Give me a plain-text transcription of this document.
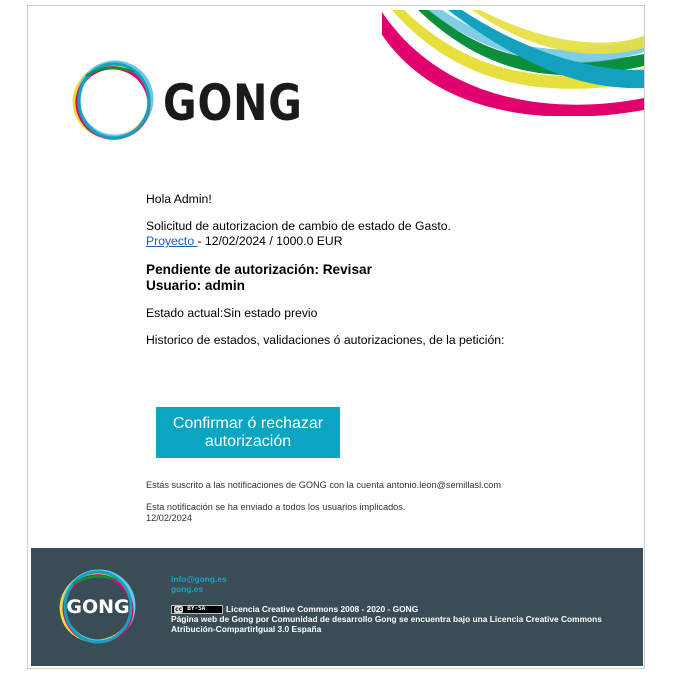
GONG

Hola Admin!

Solicitud de autorizacion de cambio de estado de Gasto.

Proyecto - 12/02/2024 / 1000.0 EUR

Pendiente de autorización: Revisar
Usuario: admin

Estado actual:Sin estado previo

Historico de estados, validaciones ó autorizaciones, de la petición:

Confirmar ó rechazar autorización
Estás suscrito a las notificaciones de GONG con la cuenta antonio.leon@semillasl.com
Esta notificación se ha enviado a todos los usuarios implicados.
12/02/2024
GONG
info@gong.es
gong.es
cc BY-SA Licencia Creative Commons 2008 - 2020 - GONG
Página web de Gong por Comunidad de desarrollo Gong se encuentra bajo una Licencia Creative Commons Atribución-CompartirIgual 3.0 España
